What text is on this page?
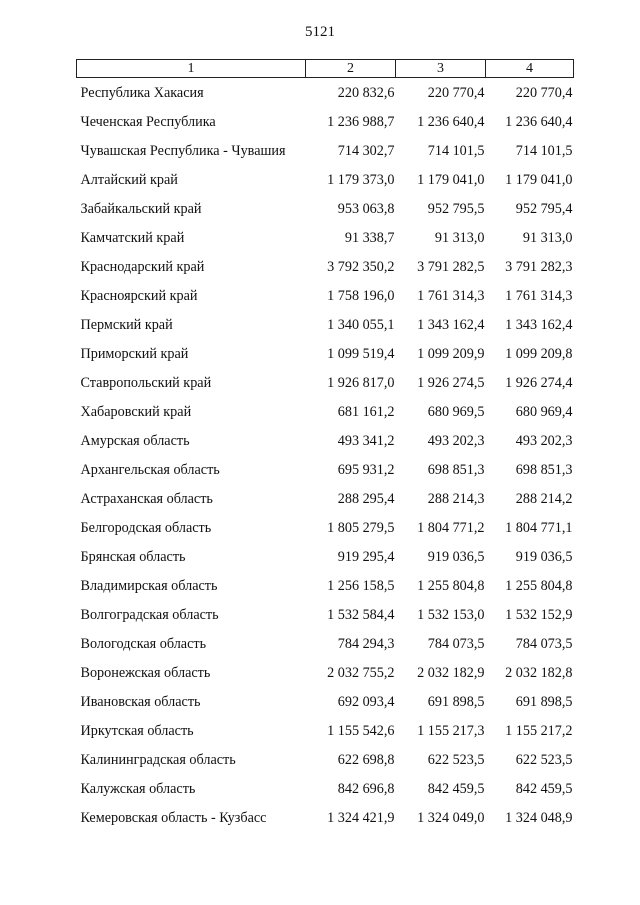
5121
1	2	3	4
Республика Хакасия	220 832,6	220 770,4	220 770,4
Чеченская Республика	1 236 988,7	1 236 640,4	1 236 640,4
Чувашская Республика - Чувашия	714 302,7	714 101,5	714 101,5
Алтайский край	1 179 373,0	1 179 041,0	1 179 041,0
Забайкальский край	953 063,8	952 795,5	952 795,4
Камчатский край	91 338,7	91 313,0	91 313,0
Краснодарский край	3 792 350,2	3 791 282,5	3 791 282,3
Красноярский край	1 758 196,0	1 761 314,3	1 761 314,3
Пермский край	1 340 055,1	1 343 162,4	1 343 162,4
Приморский край	1 099 519,4	1 099 209,9	1 099 209,8
Ставропольский край	1 926 817,0	1 926 274,5	1 926 274,4
Хабаровский край	681 161,2	680 969,5	680 969,4
Амурская область	493 341,2	493 202,3	493 202,3
Архангельская область	695 931,2	698 851,3	698 851,3
Астраханская область	288 295,4	288 214,3	288 214,2
Белгородская область	1 805 279,5	1 804 771,2	1 804 771,1
Брянская область	919 295,4	919 036,5	919 036,5
Владимирская область	1 256 158,5	1 255 804,8	1 255 804,8
Волгоградская область	1 532 584,4	1 532 153,0	1 532 152,9
Вологодская область	784 294,3	784 073,5	784 073,5
Воронежская область	2 032 755,2	2 032 182,9	2 032 182,8
Ивановская область	692 093,4	691 898,5	691 898,5
Иркутская область	1 155 542,6	1 155 217,3	1 155 217,2
Калининградская область	622 698,8	622 523,5	622 523,5
Калужская область	842 696,8	842 459,5	842 459,5
Кемеровская область - Кузбасс	1 324 421,9	1 324 049,0	1 324 048,9
